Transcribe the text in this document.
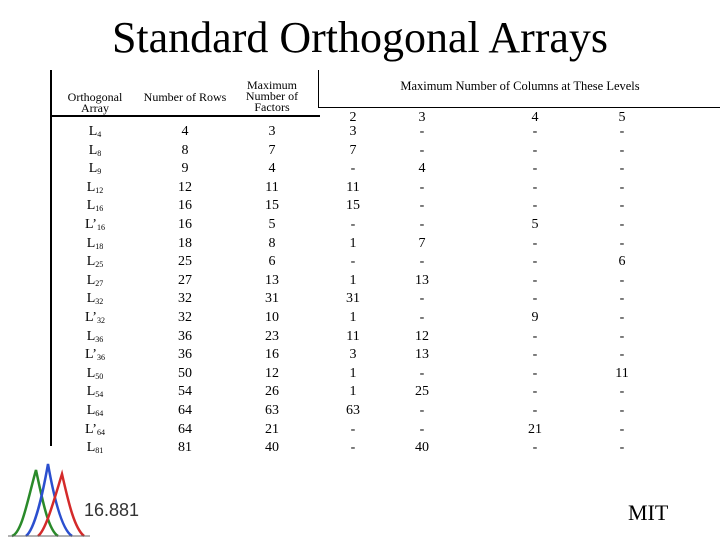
Standard Orthogonal Arrays
Orthogonal Array
Number of Rows
Maximum Number of Factors
Maximum Number of Columns at These Levels
2	3	4	5
$L_4$	4	3	3	-	-	-
$L_8$	8	7	7	-	-	-
$L_9$	9	4	-	4	-	-
$L_{12}$	12	11	11	-	-	-
$L_{16}$	16	15	15	-	-	-
$L’_{16}$	16	5	-	-	5	-
$L_{18}$	18	8	1	7	-	-
$L_{25}$	25	6	-	-	-	6
$L_{27}$	27	13	1	13	-	-
$L_{32}$	32	31	31	-	-	-
$L’_{32}$	32	10	1	-	9	-
$L_{36}$	36	23	11	12	-	-
$L’_{36}$	36	16	3	13	-	-
$L_{50}$	50	12	1	-	-	11
$L_{54}$	54	26	1	25	-	-
$L_{64}$	64	63	63	-	-	-
$L’_{64}$	64	21	-	-	21	-
$L_{81}$	81	40	-	40	-	-
16.881	MIT
